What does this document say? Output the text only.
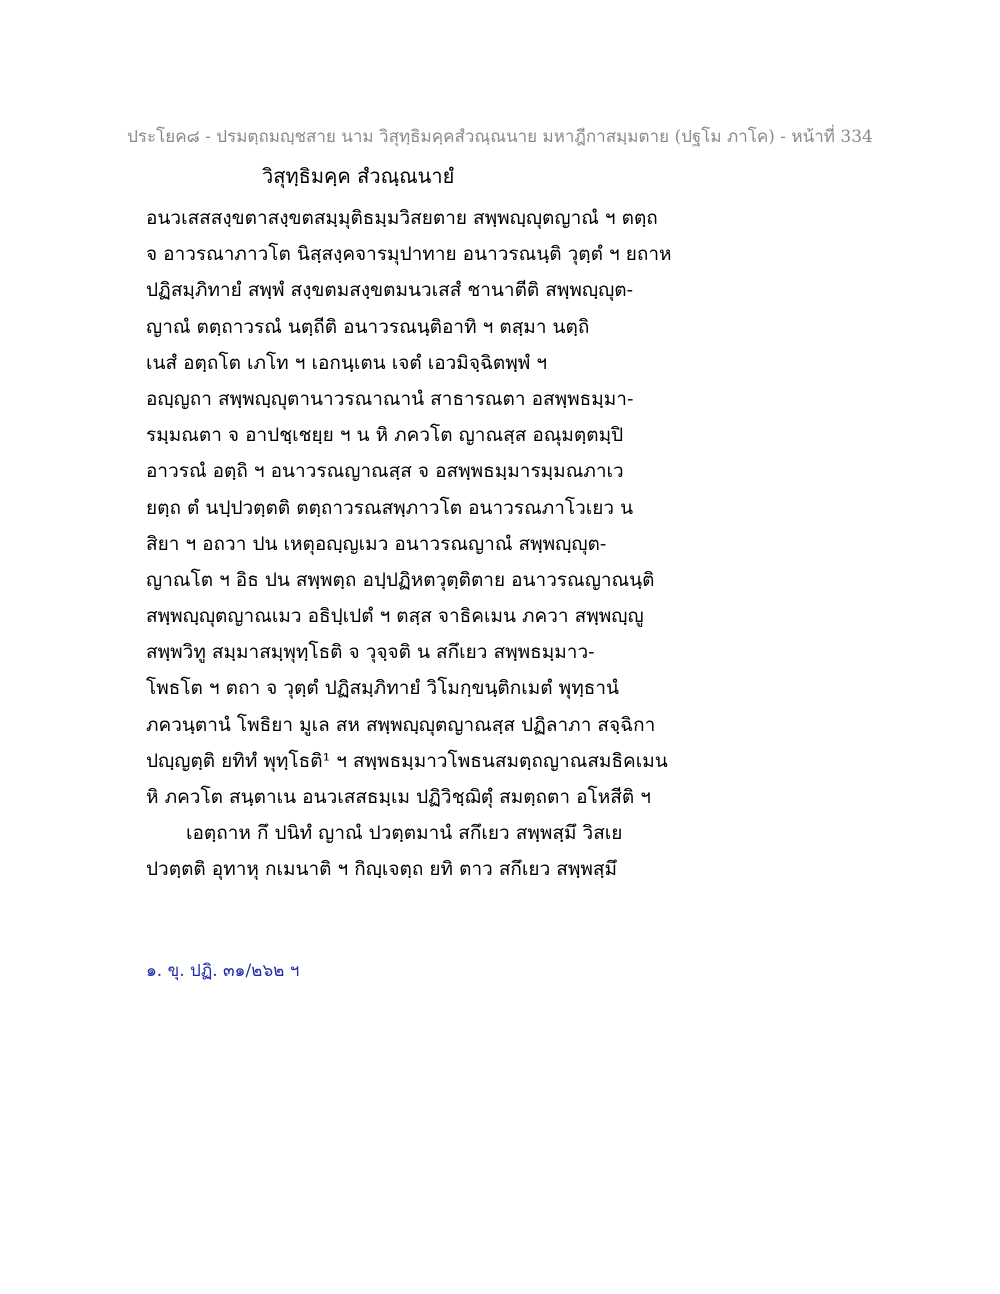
ประโยค๘ - ปรมตฺถมญฺชสาย นาม วิสุทฺธิมคฺคสํวณฺณนาย มหาฎีกาสมฺมตาย (ปฐโม ภาโค) - หน้าที่ 334
วิสุทฺธิมคฺค สํวณฺณนายํ
อนวเสสสงฺขตาสงฺขตสมฺมุติธมฺมวิสยตาย สพฺพญฺญุตญาณํ ฯ ตตฺถ
จ อาวรณาภาวโต นิสฺสงฺคจารมุปาทาย อนาวรณนฺติ วุตฺตํ ฯ ยถาห
ปฏิสมฺภิทายํ สพฺพํ สงฺขตมสงฺขตมนวเสสํ ชานาตีติ สพฺพญฺญุต-
ญาณํ ตตฺถาวรณํ นตฺถีติ อนาวรณนฺติอาทิ ฯ ตสฺมา นตฺถิ
เนสํ อตฺถโต เภโท ฯ เอกนฺเตน เจตํ เอวมิจฺฉิตพฺพํ ฯ
อญฺญถา สพฺพญฺญุตานาวรณาณานํ สาธารณตา อสพฺพธมฺมา-
รมฺมณตา จ อาปชฺเชยฺย ฯ น หิ ภควโต ญาณสฺส อณุมตฺตมฺปิ
อาวรณํ อตฺถิ ฯ อนาวรณญาณสฺส จ อสพฺพธมฺมารมฺมณภาเว
ยตฺถ ตํ นปฺปวตฺตติ ตตฺถาวรณสพฺภาวโต อนาวรณภาโวเยว น
สิยา ฯ อถวา ปน เหตุอญฺญเมว อนาวรณญาณํ สพฺพญฺญุต-
ญาณโต ฯ อิธ ปน สพฺพตฺถ อปฺปฏิหตวุตฺติตาย อนาวรณญาณนฺติ
สพฺพญฺญุตญาณเมว อธิปฺเปตํ ฯ ตสฺส จาธิคเมน ภควา สพฺพญฺญู
สพฺพวิทู สมฺมาสมฺพุทฺโธติ จ วุจฺจติ น สกึเยว สพฺพธมฺมาว-
โพธโต ฯ ตถา จ วุตฺตํ ปฏิสมฺภิทายํ วิโมกฺขนฺติกเมตํ พุทฺธานํ
ภควนฺตานํ โพธิยา มูเล สห สพฺพญฺญุตญาณสฺส ปฏิลาภา สจฺฉิกา
ปญฺญตฺติ ยทิทํ พุทฺโธติ¹ ฯ สพฺพธมฺมาวโพธนสมตฺถญาณสมธิคเมน
หิ ภควโต สนฺตาเน อนวเสสธมฺเม ปฏิวิชฺฌิตุํ สมตฺถตา อโหสีติ ฯ
เอตฺถาห กึ ปนิทํ ญาณํ ปวตฺตมานํ สกึเยว สพฺพสฺมึ วิสเย
ปวตฺตติ อุทาหุ กเมนาติ ฯ กิญฺเจตฺถ ยทิ ตาว สกึเยว สพฺพสฺมึ
๑. ขุ. ปฏิ. ๓๑/๒๖๒ ฯ
